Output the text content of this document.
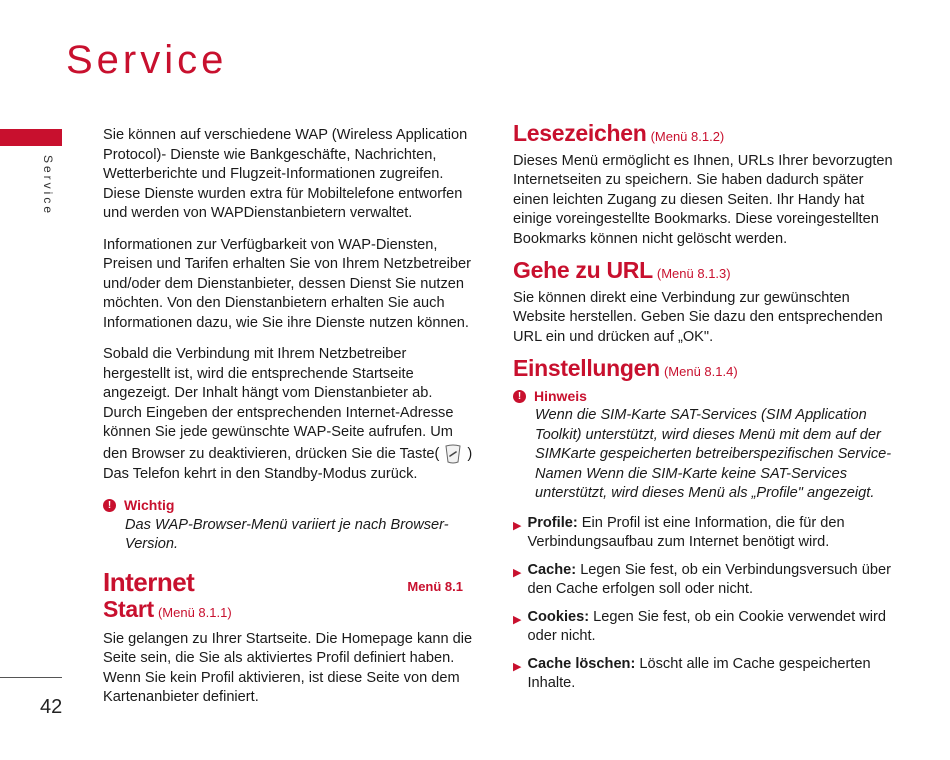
Service
Service
42

Sie können auf verschiedene WAP (Wireless Application Protocol)- Dienste wie Bankgeschäfte, Nachrichten, Wetterberichte und Flugzeit-Informationen zugreifen. Diese Dienste wurden extra für Mobiltelefone entworfen und werden von WAPDienstanbietern verwaltet.

Informationen zur Verfügbarkeit von WAP-Diensten, Preisen und Tarifen erhalten Sie von Ihrem Netzbetreiber und/oder dem Dienstanbieter, dessen Dienst Sie nutzen möchten. Von den Dienstanbietern erhalten Sie auch Informationen dazu, wie Sie ihre Dienste nutzen können.

Sobald die Verbindung mit Ihrem Netzbetreiber hergestellt ist, wird die entsprechende Startseite angezeigt. Der Inhalt hängt vom Dienstanbieter ab. Durch Eingeben der entsprechenden Internet-Adresse können Sie jede gewünschte WAP-Seite aufrufen. Um den Browser zu deaktivieren, drücken Sie die Taste( ) Das Telefon kehrt in den Standby-Modus zurück.

! Wichtig
Das WAP-Browser-Menü variiert je nach Browser-Version.
Internet	Menü 8.1
Start (Menü 8.1.1)

Sie gelangen zu Ihrer Startseite. Die Homepage kann die Seite sein, die Sie als aktiviertes Profil definiert haben. Wenn Sie kein Profil aktivieren, ist diese Seite von dem Kartenanbieter definiert.

Lesezeichen (Menü 8.1.2)

Dieses Menü ermöglicht es Ihnen, URLs Ihrer bevorzugten Internetseiten zu speichern. Sie haben dadurch später einen leichten Zugang zu diesen Seiten. Ihr Handy hat einige voreingestellte Bookmarks. Diese voreingestellten Bookmarks können nicht gelöscht werden.

Gehe zu URL (Menü 8.1.3)

Sie können direkt eine Verbindung zur gewünschten Website herstellen. Geben Sie dazu den entsprechenden URL ein und drücken auf „OK".

Einstellungen (Menü 8.1.4)
! Hinweis
Wenn die SIM-Karte SAT-Services (SIM Application Toolkit) unterstützt, wird dieses Menü mit dem auf der SIMKarte gespeicherten betreiberspezifischen Service-Namen Wenn die SIM-Karte keine SAT-Services unterstützt, wird dieses Menü als „Profile" angezeigt.
▶ Profile: Ein Profil ist eine Information, die für den Verbindungsaufbau zum Internet benötigt wird.
▶ Cache: Legen Sie fest, ob ein Verbindungsversuch über den Cache erfolgen soll oder nicht.
▶ Cookies: Legen Sie fest, ob ein Cookie verwendet wird oder nicht.
▶ Cache löschen: Löscht alle im Cache gespeicherten Inhalte.
